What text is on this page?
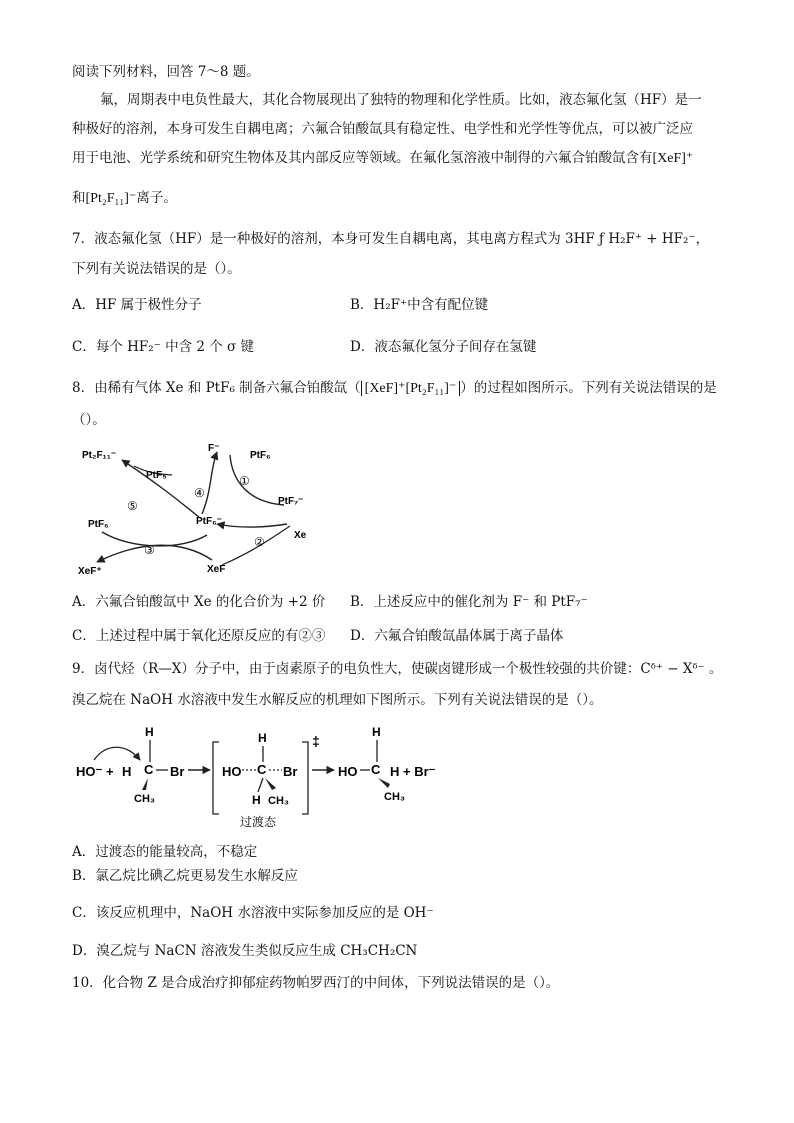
阅读下列材料，回答 7～8 题。
氟，周期表中电负性最大，其化合物展现出了独特的物理和化学性质。比如，液态氟化氢（HF）是一
种极好的溶剂，本身可发生自耦电离；六氟合铂酸氙具有稳定性、电学性和光学性等优点，可以被广泛应
用于电池、光学系统和研究生物体及其内部反应等领域。在氟化氢溶液中制得的六氟合铂酸氙含有[XeF]⁺
和[Pt₂F₁₁]⁻离子。
7．液态氟化氢（HF）是一种极好的溶剂，本身可发生自耦电离，其电离方程式为 3HF ƒ H₂F⁺ + HF₂⁻，
下列有关说法错误的是（）。
A．HF 属于极性分子	B．H₂F⁺中含有配位键
C．每个 HF₂⁻ 中含 2 个 σ 键	D．液态氟化氢分子间存在氢键
8．由稀有气体 Xe 和 PtF₆ 制备六氟合铂酸氙（ [XeF]⁺[Pt₂F₁₁]⁻ ）的过程如图所示。下列有关说法错误的是
（）。
Pt₂F₁₁⁻
PtF₅
F⁻
PtF₆
PtF₇⁻
PtF₆⁻
Xe
PtF₆
XeF⁺	XeF
①
②
③
④
⑤
A．六氟合铂酸氙中 Xe 的化合价为 +2 价 B．上述反应中的催化剂为 F⁻ 和 PtF₇⁻
C．上述过程中属于氧化还原反应的有②③ D．六氟合铂酸氙晶体属于离子晶体
9．卤代烃（R—X）分子中，由于卤素原子的电负性大，使碳卤键形成一个极性较强的共价键：Cᵟ⁺ − Xᵟ⁻ 。
溴乙烷在 NaOH 水溶液中发生水解反应的机理如下图所示。下列有关说法错误的是（）。
HO⁻ + H C
H
Br
CH₃
HO C
H
Br
H CH₃
‡
过渡态
HO C
H
H + Br⁻
CH₃
A．过渡态的能量较高，不稳定
B．氯乙烷比碘乙烷更易发生水解反应
C．该反应机理中，NaOH 水溶液中实际参加反应的是 OH⁻
D．溴乙烷与 NaCN 溶液发生类似反应生成 CH₃CH₂CN
10．化合物 Z 是合成治疗抑郁症药物帕罗西汀的中间体，下列说法错误的是（）。
